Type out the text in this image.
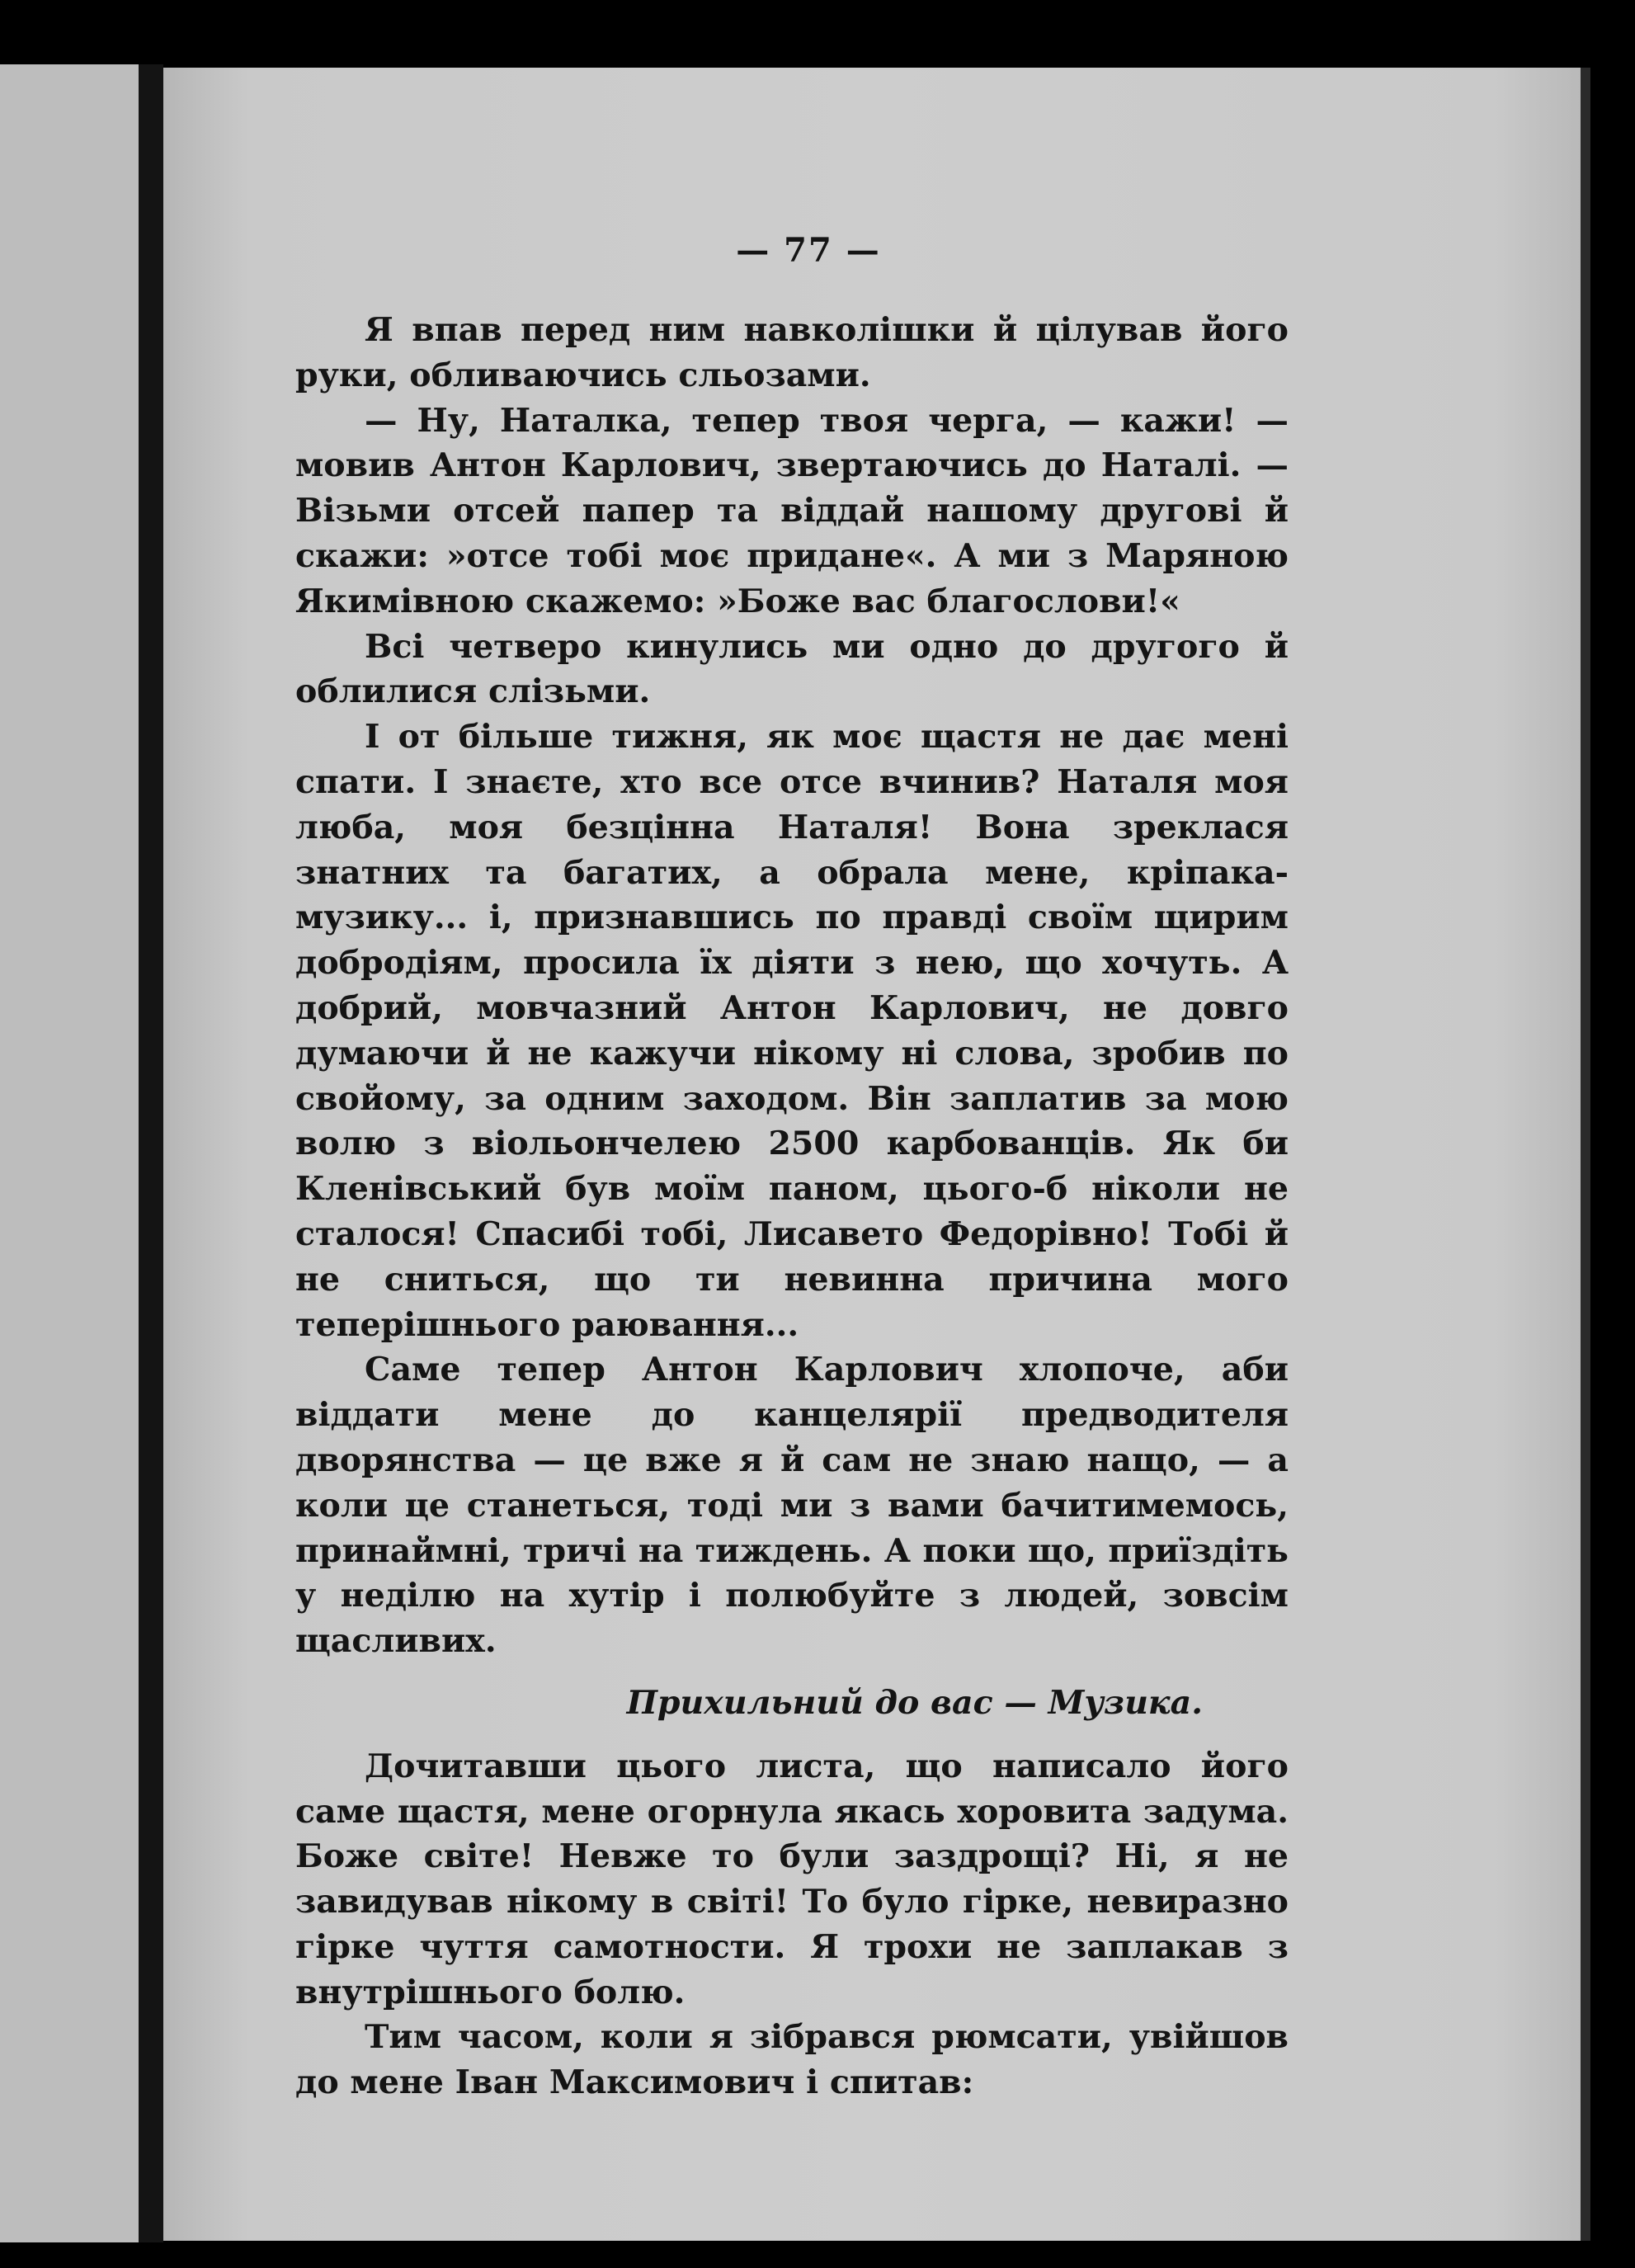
— 77 —

Я впав перед ним навколішки й цілував його руки, обливаючись сльозами.

— Ну, Наталка, тепер твоя черга, — кажи! — мовив Антон Карлович, звертаючись до Наталі. — Візьми отсей папер та віддай нашому другові й скажи: »отсе тобі моє придане«. А ми з Маряною Якимівною скажемо: »Боже вас благослови!«

Всі четверо кинулись ми одно до другого й облилися слізьми.

І от більше тижня, як моє щастя не дає мені спати. І знаєте, хто все отсе вчинив? Наталя моя люба, моя безцінна Наталя! Вона зреклася знатних та багатих, а обрала мене, кріпака-музику... і, признавшись по правді своїм щирим добродіям, просила їх діяти з нею, що хочуть. А добрий, мовчазний Антон Карлович, не довго думаючи й не кажучи нікому ні слова, зробив по свойому, за одним заходом. Він заплатив за мою волю з віольончелею 2500 карбованців. Як би Кленівський був моїм паном, цього-б ніколи не сталося! Спасибі тобі, Лисавето Федорівно! Тобі й не сниться, що ти невинна причина мого теперішнього раювання...

Саме тепер Антон Карлович хлопоче, аби віддати мене до канцелярії предводителя дворянства — це вже я й сам не знаю нащо, — а коли це станеться, тоді ми з вами бачитимемось, принаймні, тричі на тиждень. А поки що, приїздіть у неділю на хутір і полюбуйте з людей, зовсім щасливих.

Прихильний до вас — Музика.

Дочитавши цього листа, що написало його саме щастя, мене огорнула якась хоровита задума. Боже світе! Невже то були заздрощі? Ні, я не завидував нікому в світі! То було гірке, невиразно гірке чуття самотности. Я трохи не заплакав з внутрішнього болю.

Тим часом, коли я зібрався рюмсати, увійшов до мене Іван Максимович і спитав:
